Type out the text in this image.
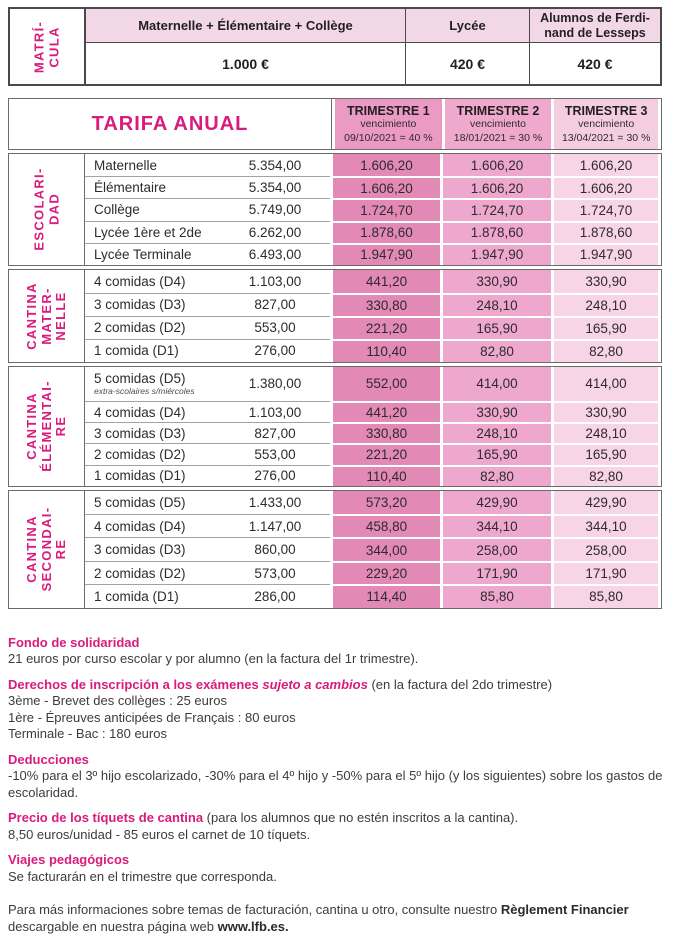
MATRÍ- CULA
Maternelle + Élémentaire + Collège	Lycée
Alumnos de Ferdi-
nand de Lesseps
1.000 €	420 €	420 €
TARIFA ANUAL
TRIMESTRE 1
vencimiento
09/10/2021 = 40 %
TRIMESTRE 2
vencimiento
18/01/2021 = 30 %
TRIMESTRE 3
vencimiento
13/04/2021 = 30 %
ESCOLARI- DAD
Maternelle	5.354,00	1.606,20	1.606,20	1.606,20
Élémentaire	5.354,00	1.606,20	1.606,20	1.606,20
Collège	5.749,00	1.724,70	1.724,70	1.724,70
Lycée 1ère et 2de	6.262,00	1.878,60	1.878,60	1.878,60
Lycée Terminale	6.493,00	1.947,90	1.947,90	1.947,90
CANTINA MATER- NELLE
4 comidas (D4)	1.103,00	441,20	330,90	330,90
3 comidas (D3)	827,00	330,80	248,10	248,10
2 comidas (D2)	553,00	221,20	165,90	165,90
1 comida (D1)	276,00	110,40	82,80	82,80
CANTINA ÉLÉMENTAI- RE
5 comidas (D5)
extra-scolaires s/miércoles	1.380,00	552,00	414,00	414,00
4 comidas (D4)	1.103,00	441,20	330,90	330,90
3 comidas (D3)	827,00	330,80	248,10	248,10
2 comidas (D2)	553,00	221,20	165,90	165,90
1 comidas (D1)	276,00	110,40	82,80	82,80
CANTINA SECONDAI- RE
5 comidas (D5)	1.433,00	573,20	429,90	429,90
4 comidas (D4)	1.147,00	458,80	344,10	344,10
3 comidas (D3)	860,00	344,00	258,00	258,00
2 comidas (D2)	573,00	229,20	171,90	171,90
1 comida (D1)	286,00	114,40	85,80	85,80
Fondo de solidaridad
21 euros por curso escolar y por alumno (en la factura del 1r trimestre).
Derechos de inscripción a los exámenes sujeto a cambios (en la factura del 2do trimestre)
3ème - Brevet des collèges : 25 euros
1ère - Épreuves anticipées de Français : 80 euros
Terminale - Bac : 180 euros
Deducciones
-10% para el 3º hijo escolarizado, -30% para el 4º hijo y -50% para el 5º hijo (y los siguientes) sobre los gastos de escolaridad.
Precio de los tíquets de cantina (para los alumnos que no estén inscritos a la cantina).
8,50 euros/unidad - 85 euros el carnet de 10 tíquets.
Viajes pedagógicos
Se facturarán en el trimestre que corresponda.
Para más informaciones sobre temas de facturación, cantina u otro, consulte nuestro Règlement Financier descargable en nuestra página web www.lfb.es.
